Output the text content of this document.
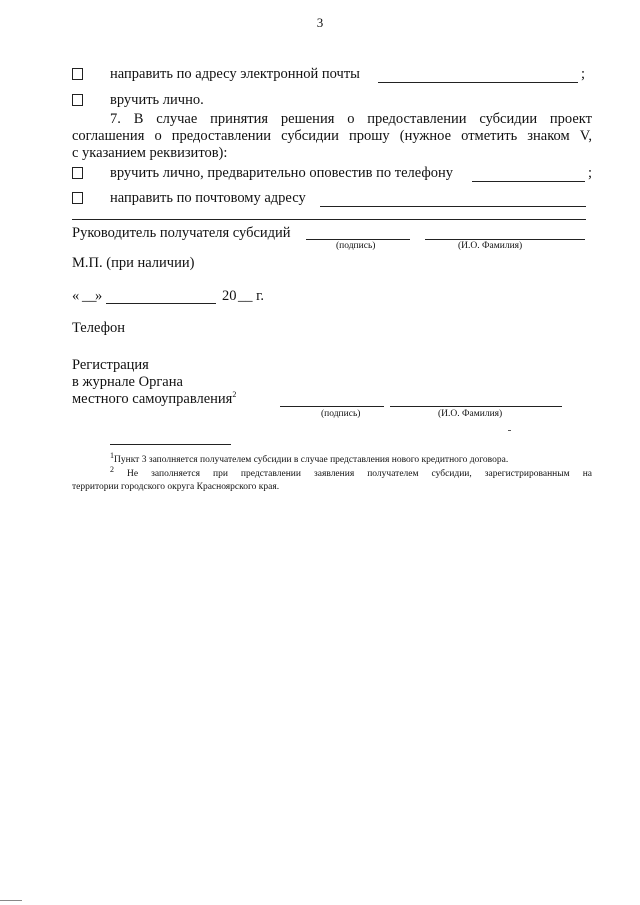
3
направить по адресу электронной почты	;
вручить лично.
7. В случае принятия решения о предоставлении субсидии проект
соглашения о предоставлении субсидии прошу (нужное отметить знаком V,
с указанием реквизитов):
вручить лично, предварительно оповестив по телефону	;
направить по почтовому адресу
Руководитель получателя субсидий
(подпись)	(И.О. Фамилия)
М.П. (при наличии)
« __
»	20 __ г.
Телефон
Регистрация
в журнале Органа
местного самоуправления$^2$
(подпись)	(И.О. Фамилия)
$^1$Пункт 3 заполняется получателем субсидии в случае представления нового кредитного договора.
$^2$ Не заполняется при представлении заявления получателем субсидии, зарегистрированным на
территории городского округа Красноярского края.
